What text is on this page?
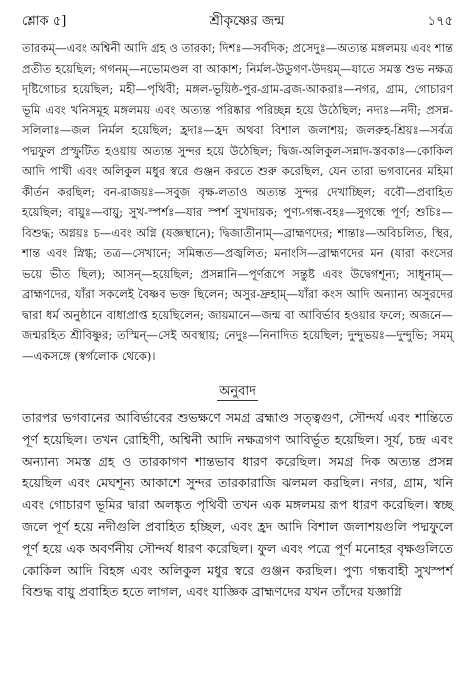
শ্লোক ৫]	শ্রীকৃষ্ণের জন্ম	১৭৫

তারকম্‌—এবং অশ্বিনী আদি গ্রহ ও তারকা; দিশঃ—সর্বদিক; প্রসেদুঃ—অত্যন্ত মঙ্গলময় এবং শান্ত প্রতীত হয়েছিল; গগনম্‌—নভোমণ্ডল বা আকাশ; নির্মল-উডুগণ-উদয়ম্‌—যাতে সমস্ত শুভ নক্ষত্র দৃষ্টিগোচর হয়েছিল; মহী—পৃথিবী; মঙ্গল-ভূয়িষ্ঠ-পুর-গ্রাম-ব্রজ-আকরাঃ—নগর, গ্রাম, গোচারণ ভূমি এবং খনিসমূহ মঙ্গলময় এবং অত্যন্ত পরিষ্কার পরিচ্ছন্ন হয়ে উঠেছিল; নদ্যঃ—নদী; প্রসন্ন-সলিলাঃ—জল নির্মল হয়েছিল; হ্রদাঃ—হ্রদ অথবা বিশাল জলাশয়; জলরুহ-শ্রিয়ঃ—সর্বত্র পদ্মফুল প্রস্ফুটিত হওয়ায় অত্যন্ত সুন্দর হয়ে উঠেছিল; দ্বিজ-অলিকুল-সন্নাদ-স্তবকাঃ—কোকিল আদি পাখী এবং অলিকুল মধুর স্বরে গুঞ্জন করতে শুরু করেছিল, যেন তারা ভগবানের মহিমা কীর্তন করছিল; বন-রাজয়ঃ—সবুজ বৃক্ষ-লতাও অত্যন্ত সুন্দর দেখাচ্ছিল; ববৌ—প্রবাহিত হয়েছিল; বায়ুঃ—বায়ু; সুখ-স্পর্শঃ—যার স্পর্শ সুখদায়ক; পুণ্য-গন্ধ-বহঃ—সুগন্ধে পূর্ণ; শুচিঃ—বিশুদ্ধ; অগ্নয়ঃ চ—এবং অগ্নি (যজ্ঞস্থানে); দ্বিজাতীনাম্‌—ব্রাহ্মণদের; শান্তাঃ—অবিচলিত, স্থির, শান্ত এবং স্নিগ্ধ; তত্র—সেখানে; সমিন্ধত—প্রজ্বলিত; মনাংসি—ব্রাহ্মণদের মন (যারা কংসের ভয়ে ভীত ছিল); আসন্‌—হয়েছিল; প্রসন্নানি—পূর্ণরূপে সন্তুষ্ট এবং উদ্বেগশূন্য; সাধূনাম্‌—ব্রাহ্মণদের, যাঁরা সকলেই বৈষ্ণব ভক্ত ছিলেন; অসুর-দ্রুহাম্‌—যাঁরা কংস আদি অন্যান্য অসুরদের দ্বারা ধর্ম অনুষ্ঠানে বাধাপ্রাপ্ত হয়েছিলেন; জায়মানে—জন্ম বা আবির্ভাব হওয়ার ফলে; অজনে—জন্মরহিত শ্রীবিষ্ণুর; তস্মিন্‌—সেই অবস্থায়; নেদুঃ—নিনাদিত হয়েছিল; দুন্দুভয়ঃ—দুন্দুভি; সমম্‌—একসঙ্গে (স্বর্গলোক থেকে)।

অনুবাদ

তারপর ভগবানের আবির্ভাবের শুভক্ষণে সমগ্র ব্রহ্মাণ্ড সত্ত্বগুণ, সৌন্দর্য এবং শান্তিতে পূর্ণ হয়েছিল। তখন রোহিণী, অশ্বিনী আদি নক্ষত্রগণ আবির্ভূত হয়েছিল। সূর্য, চন্দ্র এবং অন্যান্য সমস্ত গ্রহ ও তারকাগণ শান্তভাব ধারণ করেছিল। সমগ্র দিক অত্যন্ত প্রসন্ন হয়েছিল এবং মেঘশূন্য আকাশে সুন্দর তারকারাজি ঝলমল করছিল। নগর, গ্রাম, খনি এবং গোচারণ ভূমির দ্বারা অলঙ্কৃত পৃথিবী তখন এক মঙ্গলময় রূপ ধারণ করেছিল। স্বচ্ছ জলে পূর্ণ হয়ে নদীগুলি প্রবাহিত হচ্ছিল, এবং হ্রদ আদি বিশাল জলাশয়গুলি পদ্মফুলে পূর্ণ হয়ে এক অবর্ণনীয় সৌন্দর্য ধারণ করেছিল। ফুল এবং পত্রে পূর্ণ মনোহর বৃক্ষগুলিতে কোকিল আদি বিহঙ্গ এবং অলিকুল মধুর স্বরে গুঞ্জন করছিল। পুণ্য গন্ধবাহী সুখস্পর্শ বিশুদ্ধ বায়ু প্রবাহিত হতে লাগল, এবং যাজ্ঞিক ব্রাহ্মণদের যখন তাঁদের যজ্ঞাগ্নি
